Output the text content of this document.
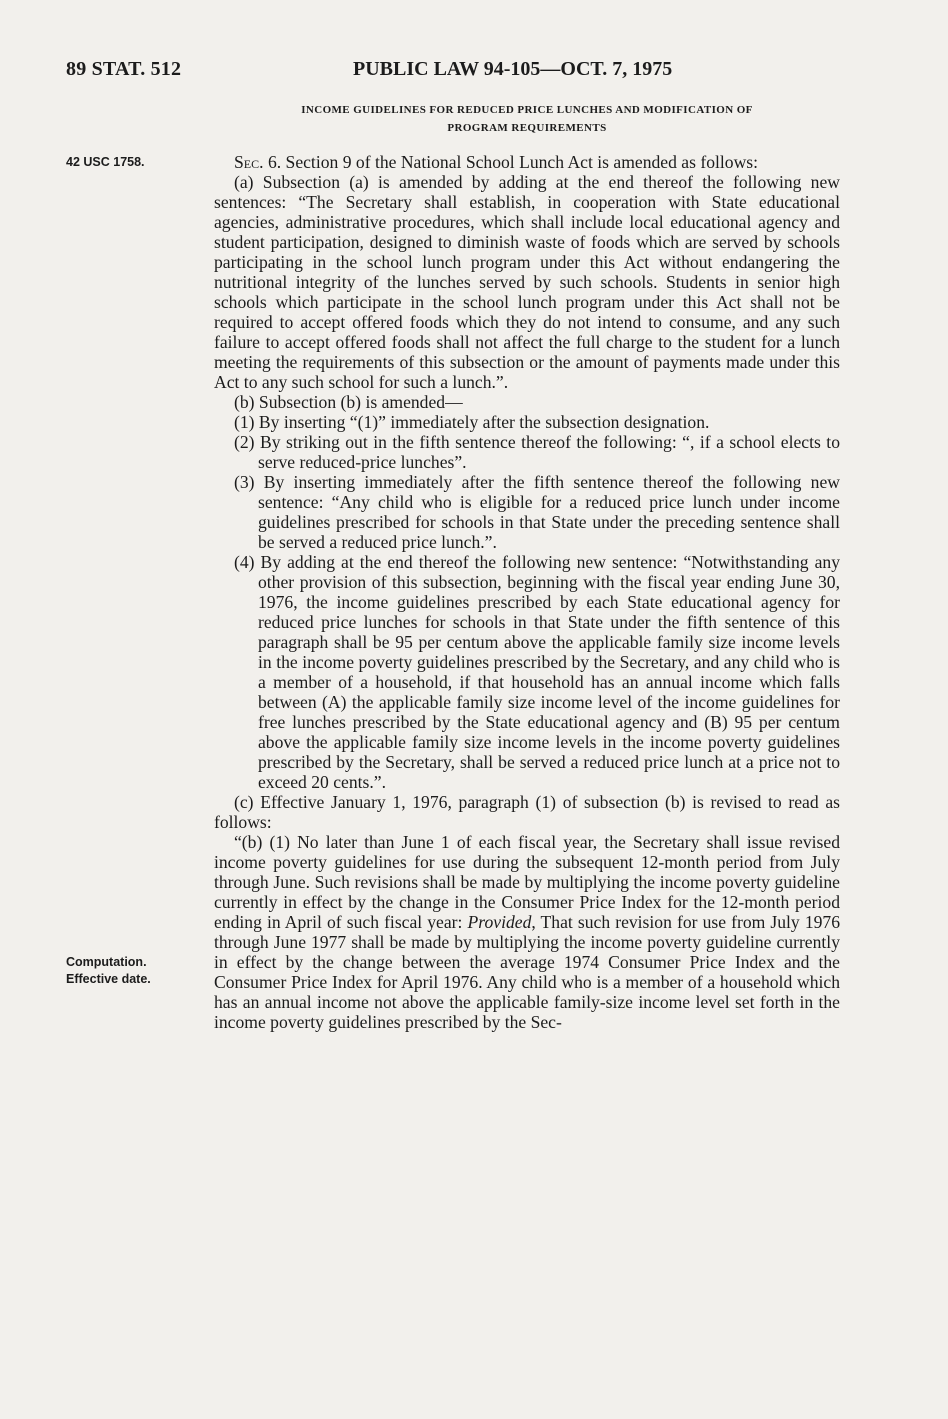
89 STAT. 512	PUBLIC LAW 94-105—OCT. 7, 1975
INCOME GUIDELINES FOR REDUCED PRICE LUNCHES AND MODIFICATION OF
PROGRAM REQUIREMENTS
42 USC 1758.
Computation.
Effective date.

Sec. 6. Section 9 of the National School Lunch Act is amended as follows:

(a) Subsection (a) is amended by adding at the end thereof the following new sentences: “The Secretary shall establish, in cooperation with State educational agencies, administrative procedures, which shall include local educational agency and student participation, designed to diminish waste of foods which are served by schools participating in the school lunch program under this Act without endangering the nutritional integrity of the lunches served by such schools. Students in senior high schools which participate in the school lunch program under this Act shall not be required to accept offered foods which they do not intend to consume, and any such failure to accept offered foods shall not affect the full charge to the student for a lunch meeting the requirements of this subsection or the amount of payments made under this Act to any such school for such a lunch.”.

(b) Subsection (b) is amended—

(1) By inserting “(1)” immediately after the subsection designation.

(2) By striking out in the fifth sentence thereof the following: “, if a school elects to serve reduced-price lunches”.

(3) By inserting immediately after the fifth sentence thereof the following new sentence: “Any child who is eligible for a reduced price lunch under income guidelines prescribed for schools in that State under the preceding sentence shall be served a reduced price lunch.”.

(4) By adding at the end thereof the following new sentence: “Notwithstanding any other provision of this subsection, beginning with the fiscal year ending June 30, 1976, the income guidelines prescribed by each State educational agency for reduced price lunches for schools in that State under the fifth sentence of this paragraph shall be 95 per centum above the applicable family size income levels in the income poverty guidelines prescribed by the Secretary, and any child who is a member of a household, if that household has an annual income which falls between (A) the applicable family size income level of the income guidelines for free lunches prescribed by the State educational agency and (B) 95 per centum above the applicable family size income levels in the income poverty guidelines prescribed by the Secretary, shall be served a reduced price lunch at a price not to exceed 20 cents.”.

(c) Effective January 1, 1976, paragraph (1) of subsection (b) is revised to read as follows:

“(b) (1) No later than June 1 of each fiscal year, the Secretary shall issue revised income poverty guidelines for use during the subsequent 12-month period from July through June. Such revisions shall be made by multiplying the income poverty guideline currently in effect by the change in the Consumer Price Index for the 12-month period ending in April of such fiscal year: Provided, That such revision for use from July 1976 through June 1977 shall be made by multiplying the income poverty guideline currently in effect by the change between the average 1974 Consumer Price Index and the Consumer Price Index for April 1976. Any child who is a member of a household which has an annual income not above the applicable family-size income level set forth in the income poverty guidelines prescribed by the Sec-
